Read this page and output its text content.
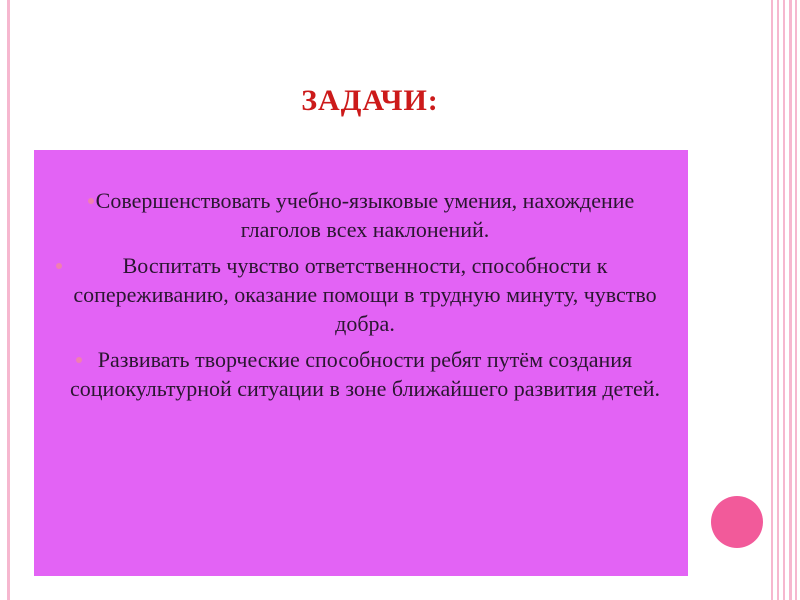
ЗАДАЧИ:
Совершенствовать учебно-языковые умения, нахождение глаголов всех наклонений.
Воспитать чувство ответственности, способности к сопереживанию, оказание помощи в трудную минуту, чувство добра.
Развивать творческие способности ребят путём создания социокультурной ситуации в зоне ближайшего развития детей.
